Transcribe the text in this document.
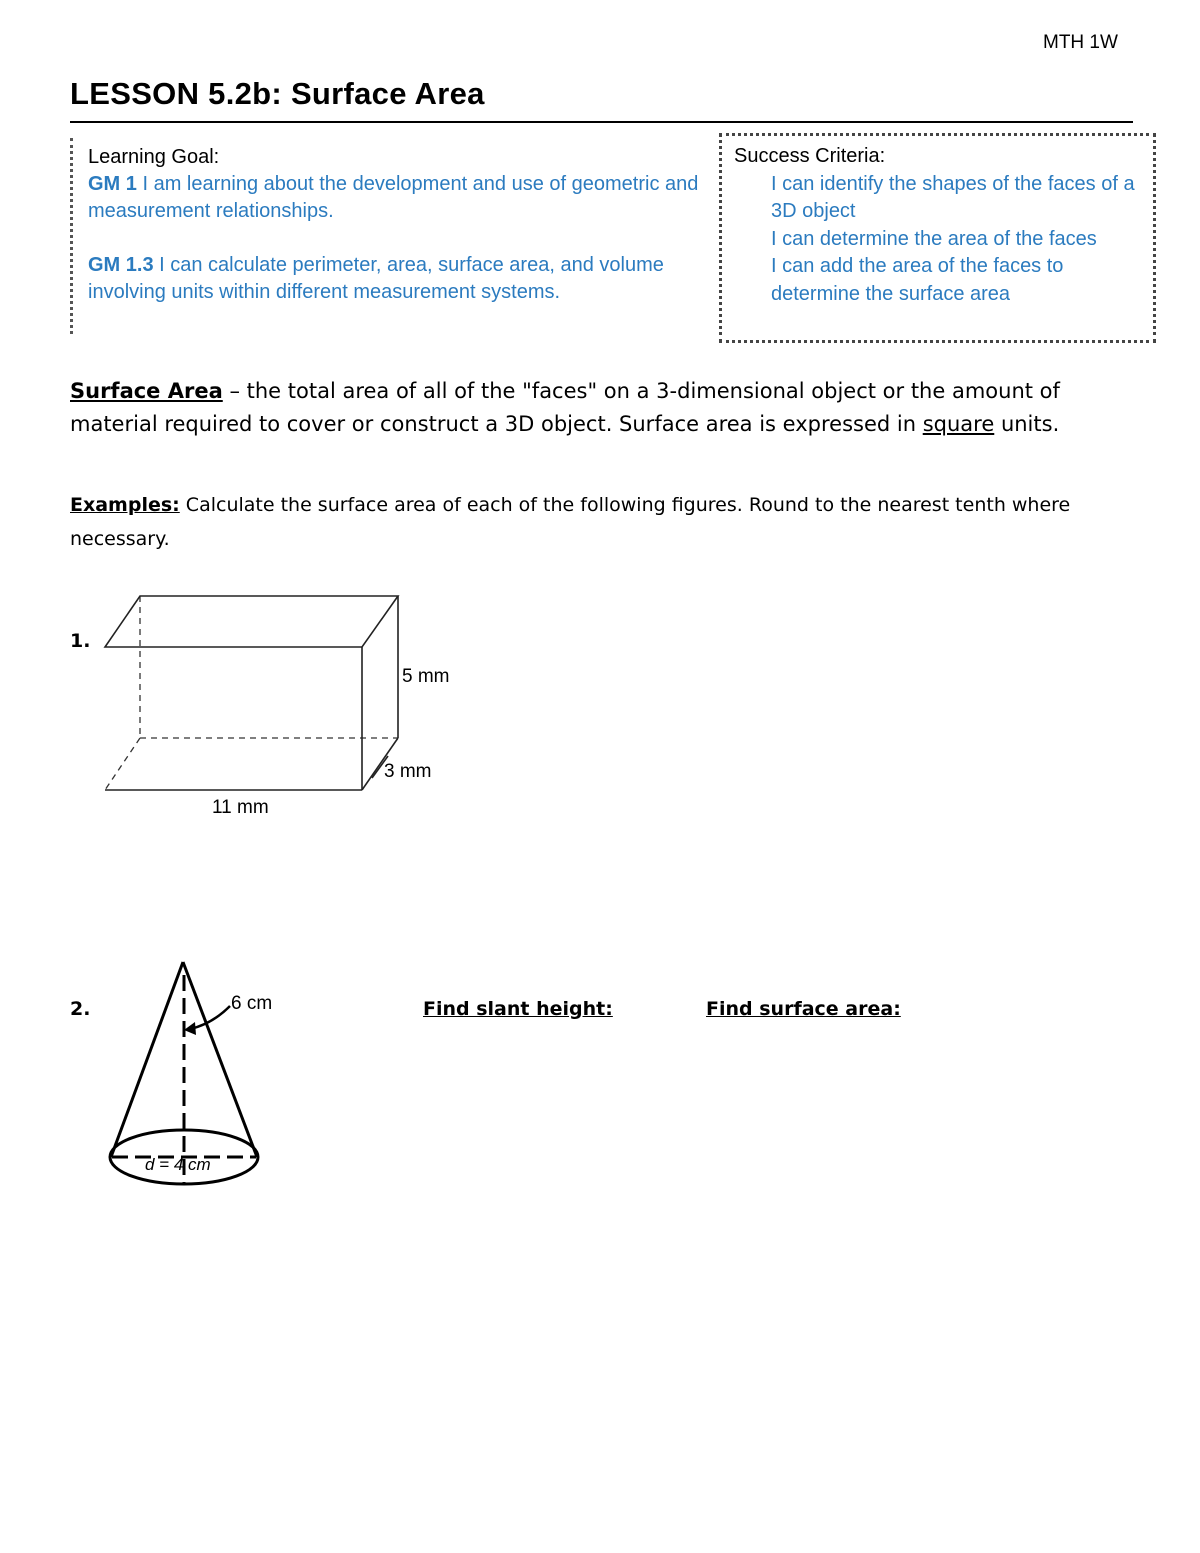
MTH 1W
LESSON 5.2b: Surface Area
Learning Goal:
GM 1 I am learning about the development and use of geometric and measurement relationships.
GM 1.3 I can calculate perimeter, area, surface area, and volume involving units within different measurement systems.
Success Criteria:
I can identify the shapes of the faces of a 3D object
I can determine the area of the faces
I can add the area of the faces to determine the surface area
Surface Area – the total area of all of the "faces" on a 3-dimensional object or the amount of material required to cover or construct a 3D object. Surface area is expressed in square units.
Examples: Calculate the surface area of each of the following figures. Round to the nearest tenth where necessary.
1.
5 mm
3 mm
11 mm
2.	6 cm
d = 4 cm
Find slant height:	Find surface area:
